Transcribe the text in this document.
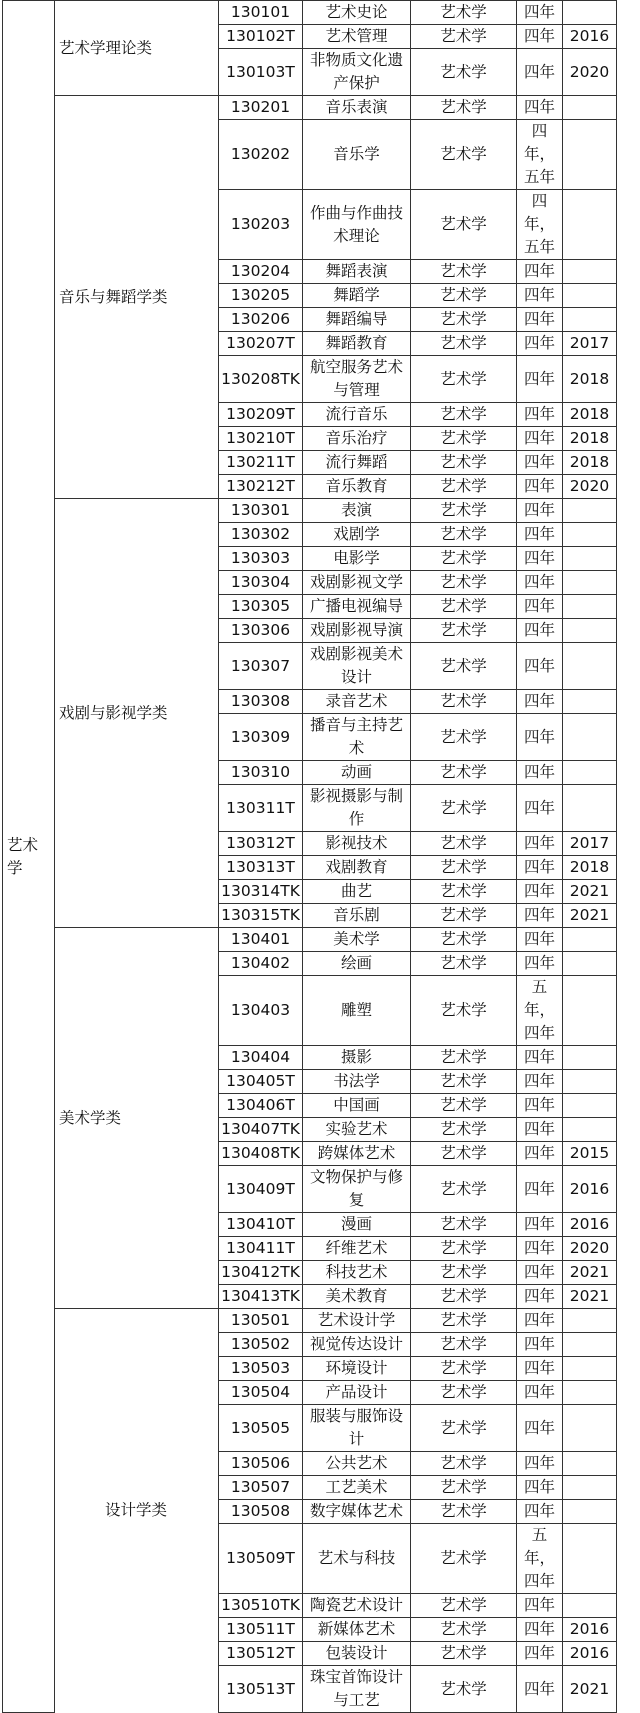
艺术学	艺术学理论类	130101	艺术史论	艺术学	四年	
		130102T	艺术管理	艺术学	四年	2016
		130103T	非物质文化遗产保护	艺术学	四年	2020
	音乐与舞蹈学类	130201	音乐表演	艺术学	四年	
		130202	音乐学	艺术学	四年，五年	
		130203	作曲与作曲技术理论	艺术学	四年，五年	
		130204	舞蹈表演	艺术学	四年	
		130205	舞蹈学	艺术学	四年	
		130206	舞蹈编导	艺术学	四年	
		130207T	舞蹈教育	艺术学	四年	2017
		130208TK	航空服务艺术与管理	艺术学	四年	2018
		130209T	流行音乐	艺术学	四年	2018
		130210T	音乐治疗	艺术学	四年	2018
		130211T	流行舞蹈	艺术学	四年	2018
		130212T	音乐教育	艺术学	四年	2020
	戏剧与影视学类	130301	表演	艺术学	四年	
		130302	戏剧学	艺术学	四年	
		130303	电影学	艺术学	四年	
		130304	戏剧影视文学	艺术学	四年	
		130305	广播电视编导	艺术学	四年	
		130306	戏剧影视导演	艺术学	四年	
		130307	戏剧影视美术设计	艺术学	四年	
		130308	录音艺术	艺术学	四年	
		130309	播音与主持艺术	艺术学	四年	
		130310	动画	艺术学	四年	
		130311T	影视摄影与制作	艺术学	四年	
		130312T	影视技术	艺术学	四年	2017
		130313T	戏剧教育	艺术学	四年	2018
		130314TK	曲艺	艺术学	四年	2021
		130315TK	音乐剧	艺术学	四年	2021
	美术学类	130401	美术学	艺术学	四年	
		130402	绘画	艺术学	四年	
		130403	雕塑	艺术学	五年，四年	
		130404	摄影	艺术学	四年	
		130405T	书法学	艺术学	四年	
		130406T	中国画	艺术学	四年	
		130407TK	实验艺术	艺术学	四年	
		130408TK	跨媒体艺术	艺术学	四年	2015
		130409T	文物保护与修复	艺术学	四年	2016
		130410T	漫画	艺术学	四年	2016
		130411T	纤维艺术	艺术学	四年	2020
		130412TK	科技艺术	艺术学	四年	2021
		130413TK	美术教育	艺术学	四年	2021
	设计学类	130501	艺术设计学	艺术学	四年	
		130502	视觉传达设计	艺术学	四年	
		130503	环境设计	艺术学	四年	
		130504	产品设计	艺术学	四年	
		130505	服装与服饰设计	艺术学	四年	
		130506	公共艺术	艺术学	四年	
		130507	工艺美术	艺术学	四年	
		130508	数字媒体艺术	艺术学	四年	
		130509T	艺术与科技	艺术学	五年，四年	
		130510TK	陶瓷艺术设计	艺术学	四年	
		130511T	新媒体艺术	艺术学	四年	2016
		130512T	包装设计	艺术学	四年	2016
		130513T	珠宝首饰设计与工艺	艺术学	四年	2021
